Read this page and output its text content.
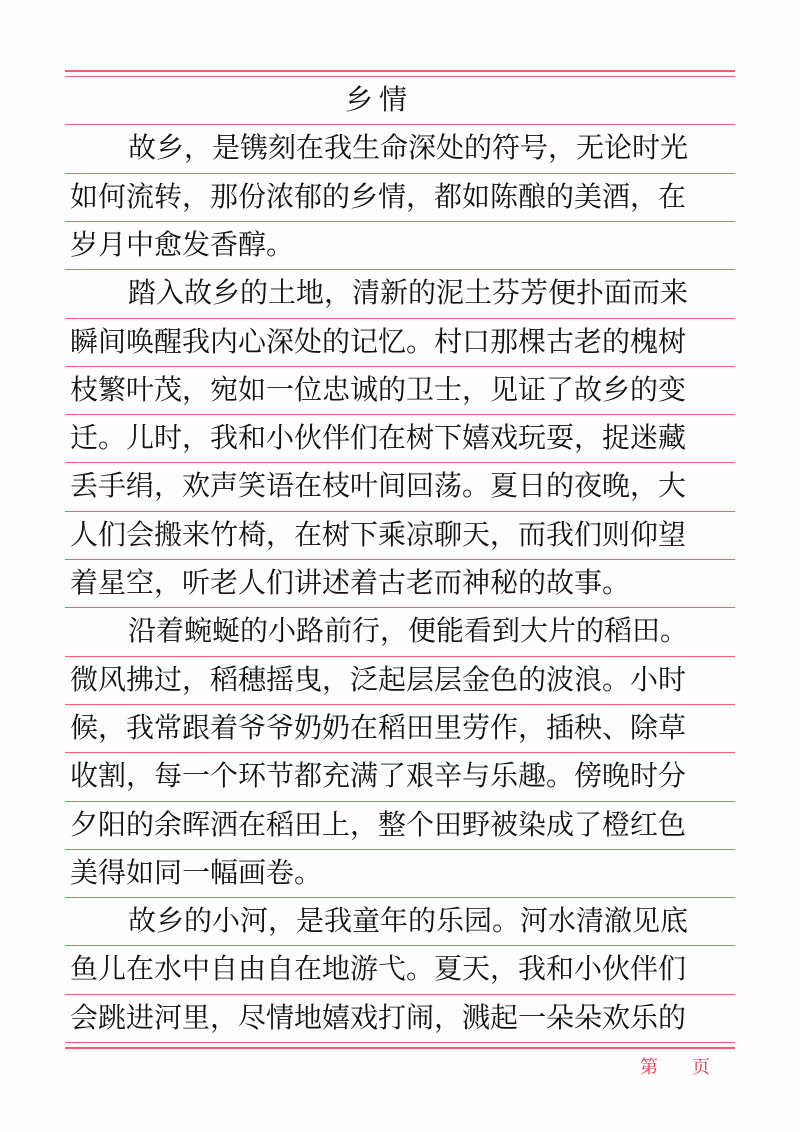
乡情
故乡，是镌刻在我生命深处的符号，无论时光
如何流转，那份浓郁的乡情，都如陈酿的美酒，在
岁月中愈发香醇。
踏入故乡的土地，清新的泥土芬芳便扑面而来
瞬间唤醒我内心深处的记忆。村口那棵古老的槐树
枝繁叶茂，宛如一位忠诚的卫士，见证了故乡的变
迁。儿时，我和小伙伴们在树下嬉戏玩耍，捉迷藏
丢手绢，欢声笑语在枝叶间回荡。夏日的夜晚，大
人们会搬来竹椅，在树下乘凉聊天，而我们则仰望
着星空，听老人们讲述着古老而神秘的故事。
沿着蜿蜒的小路前行，便能看到大片的稻田。
微风拂过，稻穗摇曳，泛起层层金色的波浪。小时
候，我常跟着爷爷奶奶在稻田里劳作，插秧、除草
收割，每一个环节都充满了艰辛与乐趣。傍晚时分
夕阳的余晖洒在稻田上，整个田野被染成了橙红色
美得如同一幅画卷。
故乡的小河，是我童年的乐园。河水清澈见底
鱼儿在水中自由自在地游弋。夏天，我和小伙伴们
会跳进河里，尽情地嬉戏打闹，溅起一朵朵欢乐的
第 页
